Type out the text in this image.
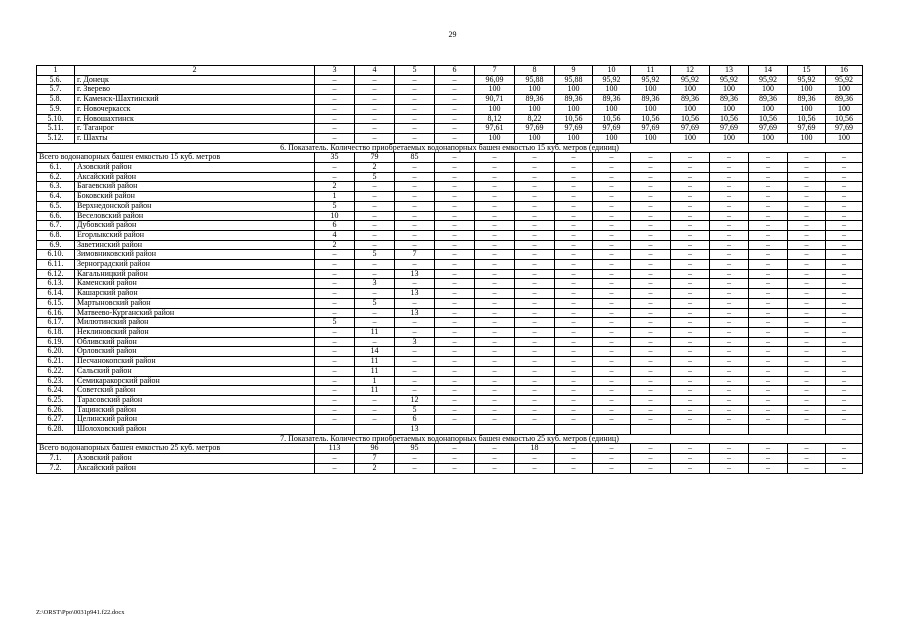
29
1	2	3	4	5	6	7	8	9	10	11	12	13	14	15	16
5.6.	г. Донецк	–	–	–	–	96,09	95,88	95,88	95,92	95,92	95,92	95,92	95,92	95,92	95,92
5.7.	г. Зверево	–	–	–	–	100	100	100	100	100	100	100	100	100	100
5.8.	г. Каменск-Шахтинский	–	–	–	–	90,71	89,36	89,36	89,36	89,36	89,36	89,36	89,36	89,36	89,36
5.9.	г. Новочеркасск	–	–	–	–	100	100	100	100	100	100	100	100	100	100
5.10.	г. Новошахтинск	–	–	–	–	8,12	8,22	10,56	10,56	10,56	10,56	10,56	10,56	10,56	10,56
5.11.	г. Таганрог	–	–	–	–	97,61	97,69	97,69	97,69	97,69	97,69	97,69	97,69	97,69	97,69
5.12.	г. Шахты	–	–	–	–	100	100	100	100	100	100	100	100	100	100
6. Показатель. Количество приобретаемых водонапорных башен емкостью 15 куб. метров (единиц)															
Всего водонапорных башен емкостью 15 куб. метров		35	79	85	–	–	–	–	–	–	–	–	–	–	–
6.1.	Азовский район	–	2	–	–	–	–	–	–	–	–	–	–	–	–
6.2.	Аксайский район	–	5	–	–	–	–	–	–	–	–	–	–	–	–
6.3.	Багаевский район	2	–	–	–	–	–	–	–	–	–	–	–	–	–
6.4.	Боковский район	1	–	–	–	–	–	–	–	–	–	–	–	–	–
6.5.	Верхнедонской район	5	–	–	–	–	–	–	–	–	–	–	–	–	–
6.6.	Веселовский район	10	–	–	–	–	–	–	–	–	–	–	–	–	–
6.7.	Дубовский район	6	–	–	–	–	–	–	–	–	–	–	–	–	–
6.8.	Егорлыкский район	4	–	–	–	–	–	–	–	–	–	–	–	–	–
6.9.	Заветинский район	2	–	–	–	–	–	–	–	–	–	–	–	–	–
6.10.	Зимовниковский район	–	5	7	–	–	–	–	–	–	–	–	–	–	–
6.11.	Зерноградский район	–	–	–	–	–	–	–	–	–	–	–	–	–	–
6.12.	Кагальницкий район	–	–	13	–	–	–	–	–	–	–	–	–	–	–
6.13.	Каменский район	–	3	–	–	–	–	–	–	–	–	–	–	–	–
6.14.	Кашарский район	–	–	13	–	–	–	–	–	–	–	–	–	–	–
6.15.	Мартыновский район	–	5	–	–	–	–	–	–	–	–	–	–	–	–
6.16.	Матвеево-Курганский район	–	–	13	–	–	–	–	–	–	–	–	–	–	–
6.17.	Милютинский район	5	–	–	–	–	–	–	–	–	–	–	–	–	–
6.18.	Неклиновский район	–	11	–	–	–	–	–	–	–	–	–	–	–	–
6.19.	Обливский район	–	–	3	–	–	–	–	–	–	–	–	–	–	–
6.20.	Орловский район	–	14	–	–	–	–	–	–	–	–	–	–	–	–
6.21.	Песчанокопский район	–	11	–	–	–	–	–	–	–	–	–	–	–	–
6.22.	Сальский район	–	11	–	–	–	–	–	–	–	–	–	–	–	–
6.23.	Семикаракорский район	–	1	–	–	–	–	–	–	–	–	–	–	–	–
6.24.	Советский район	–	11	–	–	–	–	–	–	–	–	–	–	–	–
6.25.	Тарасовский район	–	–	12	–	–	–	–	–	–	–	–	–	–	–
6.26.	Тацинский район	–	–	5	–	–	–	–	–	–	–	–	–	–	–
6.27.	Целинский район	–	–	6	–	–	–	–	–	–	–	–	–	–	–
6.28.	Шолоховский район			13											
7. Показатель. Количество приобретаемых водонапорных башен емкостью 25 куб. метров (единиц)															
Всего водонапорных башен емкостью 25 куб. метров		113	96	95	–	–	18	–	–	–	–	–	–	–	–
7.1.	Азовский район	–	7	–	–	–	–	–	–	–	–	–	–	–	–
7.2.	Аксайский район	–	2	–	–	–	–	–	–	–	–	–	–	–	–
Z:\ORST\Ppo\0031p941.f22.docx
